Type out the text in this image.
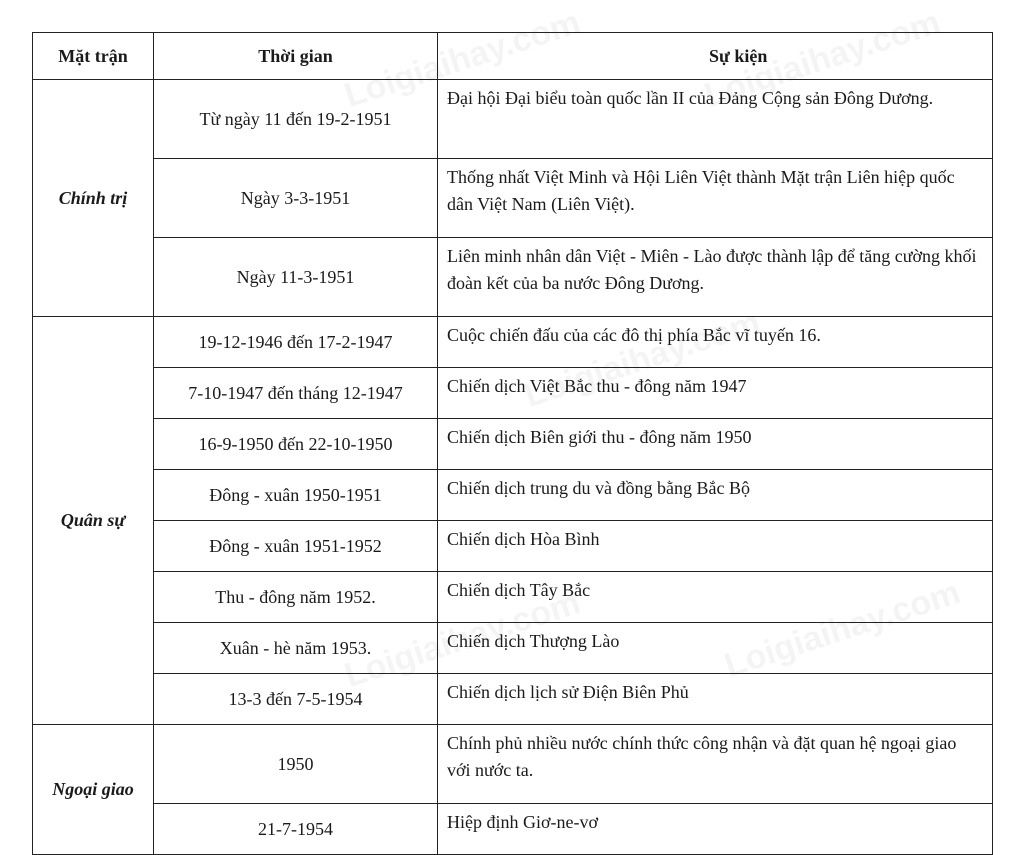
Mặt trận	Thời gian	Sự kiện
Chính trị	Từ ngày 11 đến 19-2-1951	Đại hội Đại biểu toàn quốc lần II của Đảng Cộng sản Đông Dương.
	Ngày 3-3-1951	Thống nhất Việt Minh và Hội Liên Việt thành Mặt trận Liên hiệp quốc dân Việt Nam (Liên Việt).
	Ngày 11-3-1951	Liên minh nhân dân Việt - Miên - Lào được thành lập để tăng cường khối đoàn kết của ba nước Đông Dương.
Quân sự	19-12-1946 đến 17-2-1947	Cuộc chiến đấu của các đô thị phía Bắc vĩ tuyến 16.
	7-10-1947 đến tháng 12-1947	Chiến dịch Việt Bắc thu - đông năm 1947
	16-9-1950 đến 22-10-1950	Chiến dịch Biên giới thu - đông năm 1950
	Đông - xuân 1950-1951	Chiến dịch trung du và đồng bằng Bắc Bộ
	Đông - xuân 1951-1952	Chiến dịch Hòa Bình
	Thu - đông năm 1952.	Chiến dịch Tây Bắc
	Xuân - hè năm 1953.	Chiến dịch Thượng Lào
	13-3 đến 7-5-1954	Chiến dịch lịch sử Điện Biên Phủ
Ngoại giao	1950	Chính phủ nhiều nước chính thức công nhận và đặt quan hệ ngoại giao với nước ta.
	21-7-1954	Hiệp định Giơ-ne-vơ
